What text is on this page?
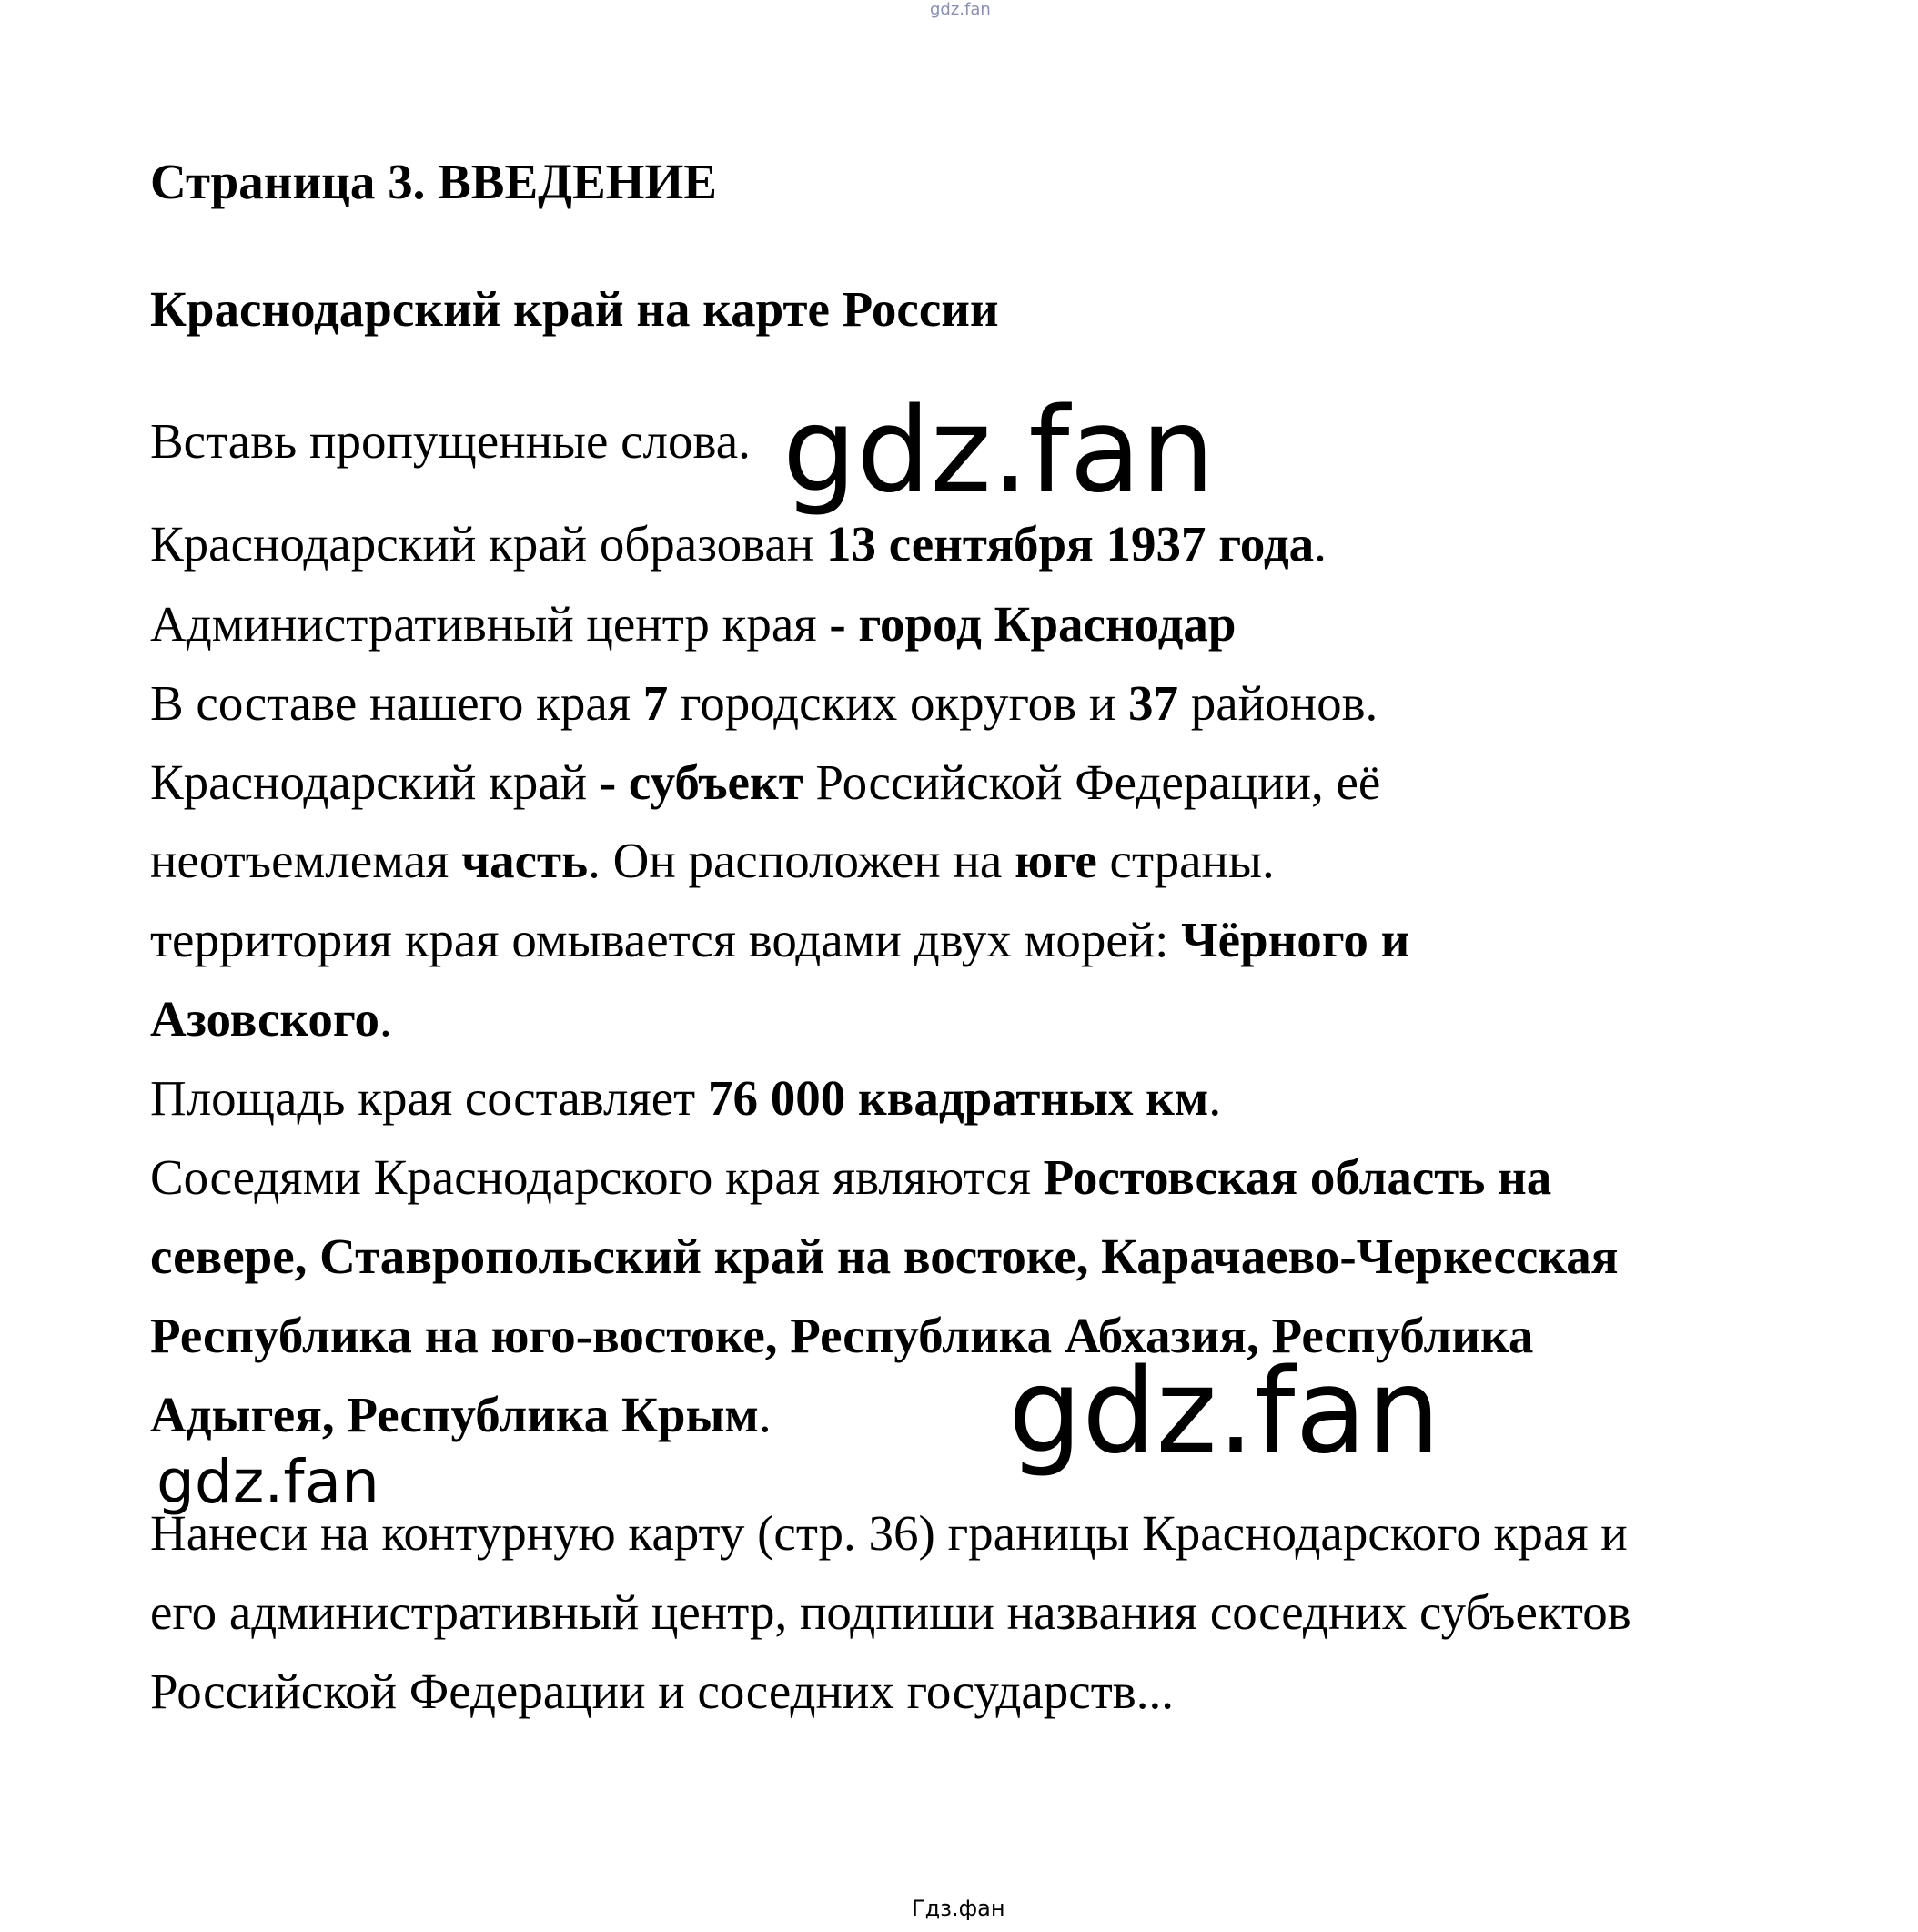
gdz.fan
Страница 3. ВВЕДЕНИЕ
Краснодарский край на карте России
Вставь пропущенные слова.
Краснодарский край образован 13 сентября 1937 года.
Административный центр края - город Краснодар
В составе нашего края 7 городских округов и 37 районов.
Краснодарский край - субъект Российской Федерации, её
неотъемлемая часть. Он расположен на юге страны.
территория края омывается водами двух морей: Чёрного и
Азовского.
Площадь края составляет 76 000 квадратных км.
Соседями Краснодарского края являются Ростовская область на
севере, Ставропольский край на востоке, Карачаево-Черкесская
Республика на юго-востоке, Республика Абхазия, Республика
Адыгея, Республика Крым.
Нанеси на контурную карту (стр. 36) границы Краснодарского края и
его административный центр, подпиши названия соседних субъектов
Российской Федерации и соседних государств...
gdz.fan
gdz.fan
gdz.fan
Гдз.фан
